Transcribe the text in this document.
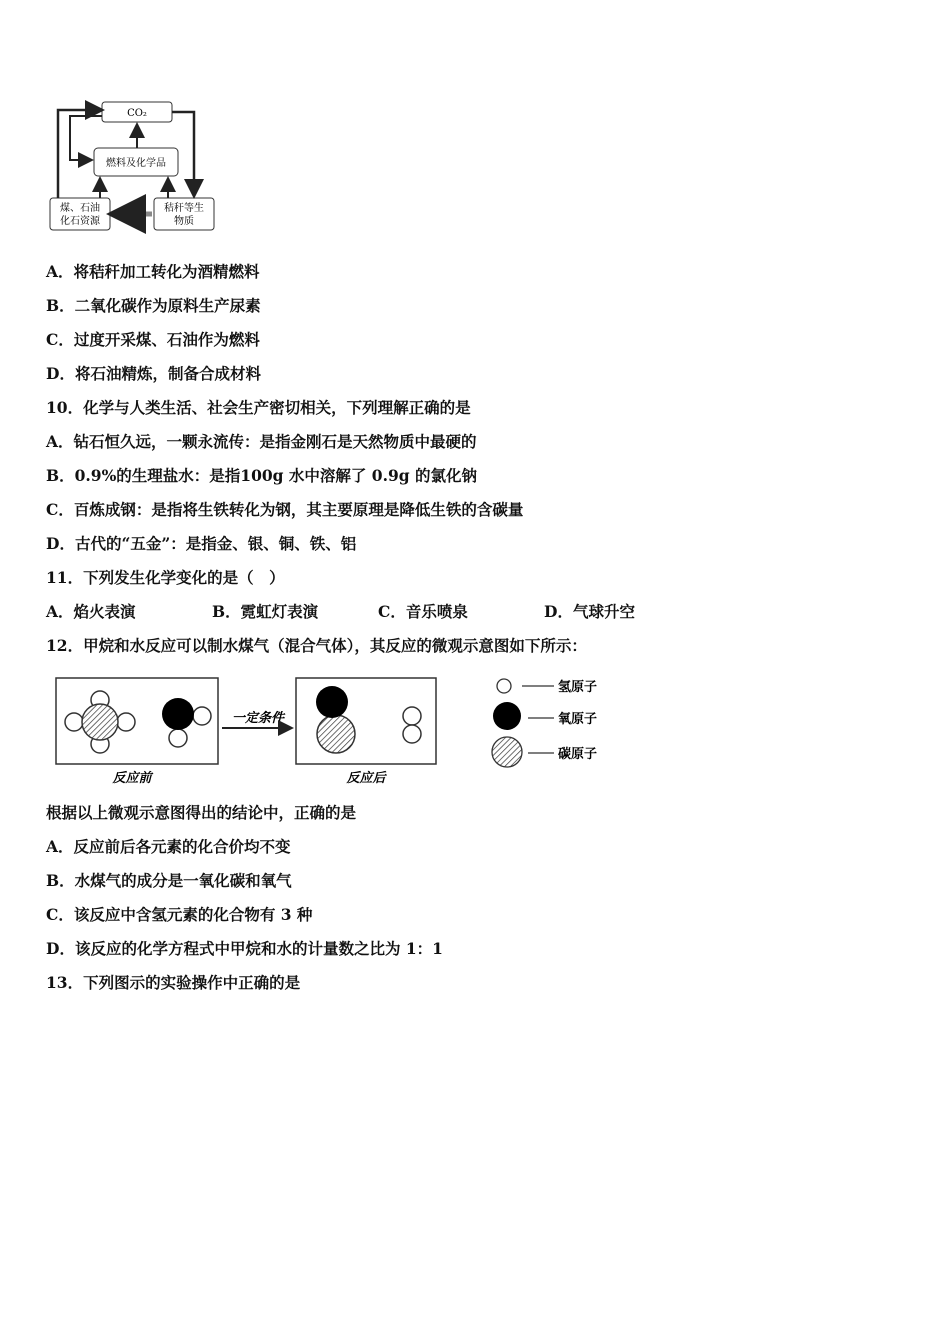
CO₂
燃料及化学品
煤、石油
化石资源
秸秆等生
物质
A．将秸秆加工转化为酒精燃料
B．二氧化碳作为原料生产尿素
C．过度开采煤、石油作为燃料
D．将石油精炼，制备合成材料
10．化学与人类生活、社会生产密切相关，下列理解正确的是
A．钻石恒久远，一颗永流传：是指金刚石是天然物质中最硬的
B．0.9%的生理盐水：是指100g 水中溶解了 0.9g 的氯化钠
C．百炼成钢：是指将生铁转化为钢，其主要原理是降低生铁的含碳量
D．古代的“五金”：是指金、银、铜、铁、铝
11．下列发生化学变化的是（　）
A．焰火表演	B．霓虹灯表演	C．音乐喷泉	D．气球升空
12．甲烷和水反应可以制水煤气（混合气体），其反应的微观示意图如下所示：
反应前
一定条件
反应后
氢原子
氧原子
碳原子
根据以上微观示意图得出的结论中，正确的是
A．反应前后各元素的化合价均不变
B．水煤气的成分是一氧化碳和氧气
C．该反应中含氢元素的化合物有 3 种
D．该反应的化学方程式中甲烷和水的计量数之比为 1：1
13．下列图示的实验操作中正确的是
